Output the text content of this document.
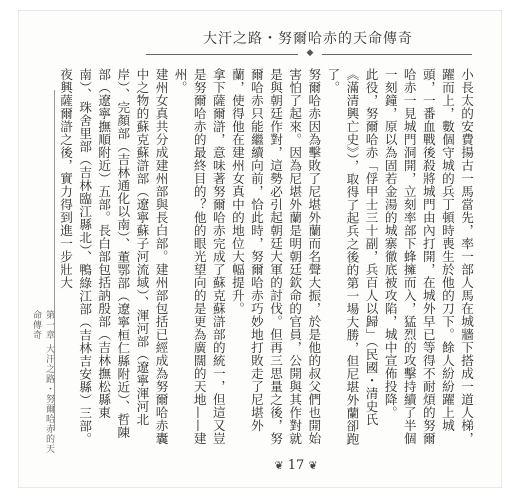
大汗之路・努爾哈赤的天命傳奇
◆

小長太的安費揚古一馬當先，率一部人馬在城牆下搭成一道人梯，躍而上，數個守城的兵丁頓時喪生於他的刀下。餘人紛紛躍上城頭，一番血戰後殺將城門由內打開，在城外早已等得不耐煩的努爾哈赤一見城門洞開，立刻率部下蜂擁而入，猛烈的攻擊持續了半個一刻鐘，原以為固若金湯的城寨徹底被攻陷，城中宣佈投降。

此役，努爾哈赤「俘甲士三十副，兵百人以歸」（民國・清史氏《滿清興亡史》），取得了起兵之後的第一場大勝，但尼堪外蘭卻跑了。

努爾哈赤因為擊敗了尼堪外蘭而名聲大振，於是他的叔父們也開始害怕了起來。因為尼堪外蘭是明朝廷欽命的官員，公開與其作對就是與朝廷作對，這勢必引起朝廷大軍的討伐。但再三思量之後，努爾哈赤只能繼續向前，恰此時，努爾哈赤巧妙地打敗走了尼堪外蘭，使得他在建州女真中的地位大幅提升。

拿下薩爾滸，意味著努爾哈赤完成了蘇克蘇滸部的統一，但這又豈是努爾哈赤的最終目的？他的眼光望向的是更為廣闊的天地——建州。

建州女真共分成建州部與長白部。建州部包括已經成為努爾哈赤囊中之物的蘇克蘇滸部（遼寧蘇子河流域）、渾河部（遼寧渾河北岸）、完顏部（吉林通化以南）、董鄂部（遼寧桓仁縣附近）、哲陳部（遼寧撫順附近）五部。長白部包括訥殷部（吉林撫松縣東南）、珠舍里部（吉林臨江縣北）、鴨綠江部（吉林吉安縣）三部。夜興薩爾滸之後，實力得到進一步壯大

第一章 大汗之路・努爾哈赤的天命傳奇
❦ 17 ❦
